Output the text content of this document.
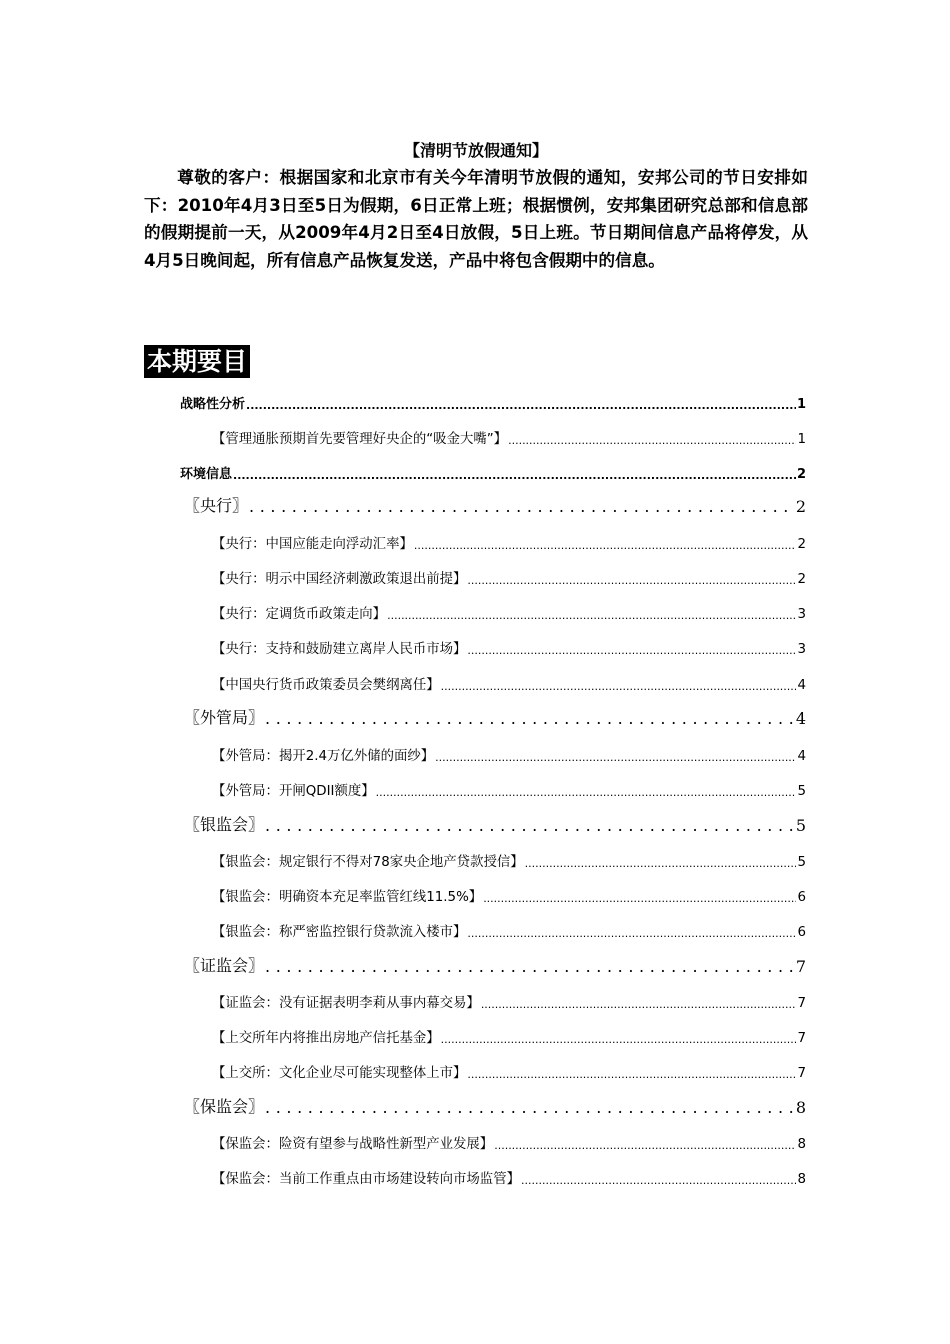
【清明节放假通知】

尊敬的客户：根据国家和北京市有关今年清明节放假的通知，安邦公司的节日安排如下：2010年4月3日至5日为假期，6日正常上班；根据惯例，安邦集团研究总部和信息部的假期提前一天，从2009年4月2日至4日放假，5日上班。节日期间信息产品将停发，从4月5日晚间起，所有信息产品恢复发送，产品中将包含假期中的信息。

本期要目
战略性分析 .....	1
【管理通胀预期首先要管理好央企的“吸金大嘴”】 .....	1
环境信息 .....	2
〖央行〗 .....	2
【央行：中国应能走向浮动汇率】 .....	2
【央行：明示中国经济刺激政策退出前提】 .....	2
【央行：定调货币政策走向】 .....	3
【央行：支持和鼓励建立离岸人民币市场】 .....	3
【中国央行货币政策委员会樊纲离任】 .....	4
〖外管局〗 .....	4
【外管局：揭开2.4万亿外储的面纱】 .....	4
【外管局：开闸QDII额度】 .....	5
〖银监会〗 .....	5
【银监会：规定银行不得对78家央企地产贷款授信】 .....	5
【银监会：明确资本充足率监管红线11.5%】 .....	6
【银监会：称严密监控银行贷款流入楼市】 .....	6
〖证监会〗 .....	7
【证监会：没有证据表明李莉从事内幕交易】 .....	7
【上交所年内将推出房地产信托基金】 .....	7
【上交所：文化企业尽可能实现整体上市】 .....	7
〖保监会〗 .....	8
【保监会：险资有望参与战略性新型产业发展】 .....	8
【保监会：当前工作重点由市场建设转向市场监管】 .....	8
